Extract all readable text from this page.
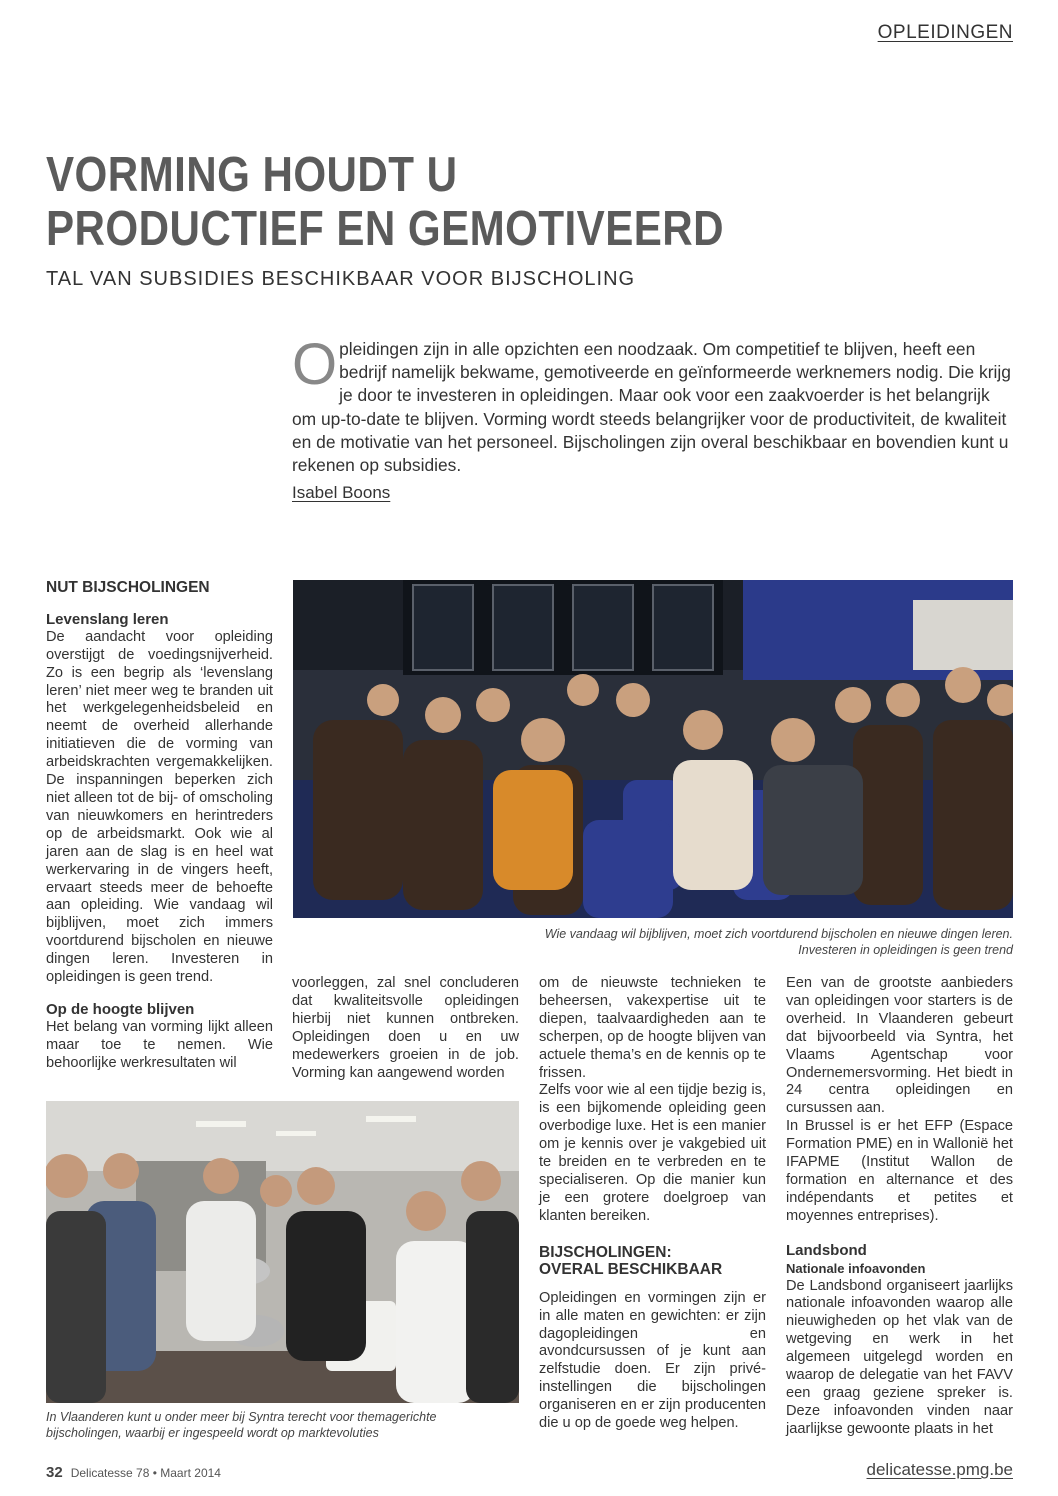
OPLEIDINGEN
VORMING HOUDT U
PRODUCTIEF EN GEMOTIVEERD
TAL VAN SUBSIDIES BESCHIKBAAR VOOR BIJSCHOLING
Opleidingen zijn in alle opzichten een noodzaak. Om competitief te blijven, heeft een bedrijf namelijk bekwame, gemotiveerde en geïnformeerde werknemers nodig. Die krijg je door te investeren in opleidingen. Maar ook voor een zaakvoerder is het belangrijk om up-to-date te blijven. Vorming wordt steeds belangrijker voor de productiviteit, de kwaliteit en de motivatie van het personeel. Bijscholingen zijn overal beschikbaar en bovendien kunt u rekenen op subsidies.
Isabel Boons
NUT BIJSCHOLINGEN
Levenslang leren

De aandacht voor opleiding overstijgt de voedingsnijverheid. Zo is een begrip als ‘levenslang leren’ niet meer weg te branden uit het werkgelegenheidsbeleid en neemt de overheid allerhande initiatieven die de vorming van arbeidskrachten vergemakkelijken. De inspanningen beperken zich niet alleen tot de bij- of omscholing van nieuwkomers en herintreders op de arbeidsmarkt. Ook wie al jaren aan de slag is en heel wat werkervaring in de vingers heeft, ervaart steeds meer de behoefte aan opleiding. Wie vandaag wil bijblijven, moet zich immers voortdurend bijscholen en nieuwe dingen leren. Investeren in opleidingen is geen trend.

Op de hoogte blijven

Het belang van vorming lijkt alleen maar toe te nemen. Wie behoorlijke werkresultaten wil

Wie vandaag wil bijblijven, moet zich voortdurend bijscholen en nieuwe dingen leren.
Investeren in opleidingen is geen trend

voorleggen, zal snel concluderen dat kwaliteitsvolle opleidingen hierbij niet kunnen ontbreken. Opleidingen doen u en uw medewerkers groeien in de job. Vorming kan aangewend worden

om de nieuwste technieken te beheersen, vakexpertise uit te diepen, taalvaardigheden aan te scherpen, op de hoogte blijven van actuele thema’s en de kennis op te frissen.

Zelfs voor wie al een tijdje bezig is, is een bijkomende opleiding geen overbodige luxe. Het is een manier om je kennis over je vakgebied uit te breiden en te verbreden en te specialiseren. Op die manier kun je een grotere doelgroep van klanten bereiken.

BIJSCHOLINGEN:
OVERAL BESCHIKBAAR

Opleidingen en vormingen zijn er in alle maten en gewichten: er zijn dagopleidingen en avondcursussen of je kunt aan zelfstudie doen. Er zijn privé-instellingen die bijscholingen organiseren en er zijn producenten die u op de goede weg helpen.

Een van de grootste aanbieders van opleidingen voor starters is de overheid. In Vlaanderen gebeurt dat bijvoorbeeld via Syntra, het Vlaams Agentschap voor Ondernemersvorming. Het biedt in 24 centra opleidingen en cursussen aan.

In Brussel is er het EFP (Espace Formation PME) en in Wallonië het IFAPME (Institut Wallon de formation en alternance et des indépendants et petites et moyennes entreprises).

Landsbond
Nationale infoavonden

De Landsbond organiseert jaarlijks nationale infoavonden waarop alle nieuwigheden op het vlak van de wetgeving en werk in het algemeen uitgelegd worden en waarop de delegatie van het FAVV een graag geziene spreker is. Deze infoavonden vinden naar jaarlijkse gewoonte plaats in het

In Vlaanderen kunt u onder meer bij Syntra terecht voor themagerichte
bijscholingen, waarbij er ingespeeld wordt op marktevoluties
32 Delicatesse 78 • Maart 2014	delicatesse.pmg.be
